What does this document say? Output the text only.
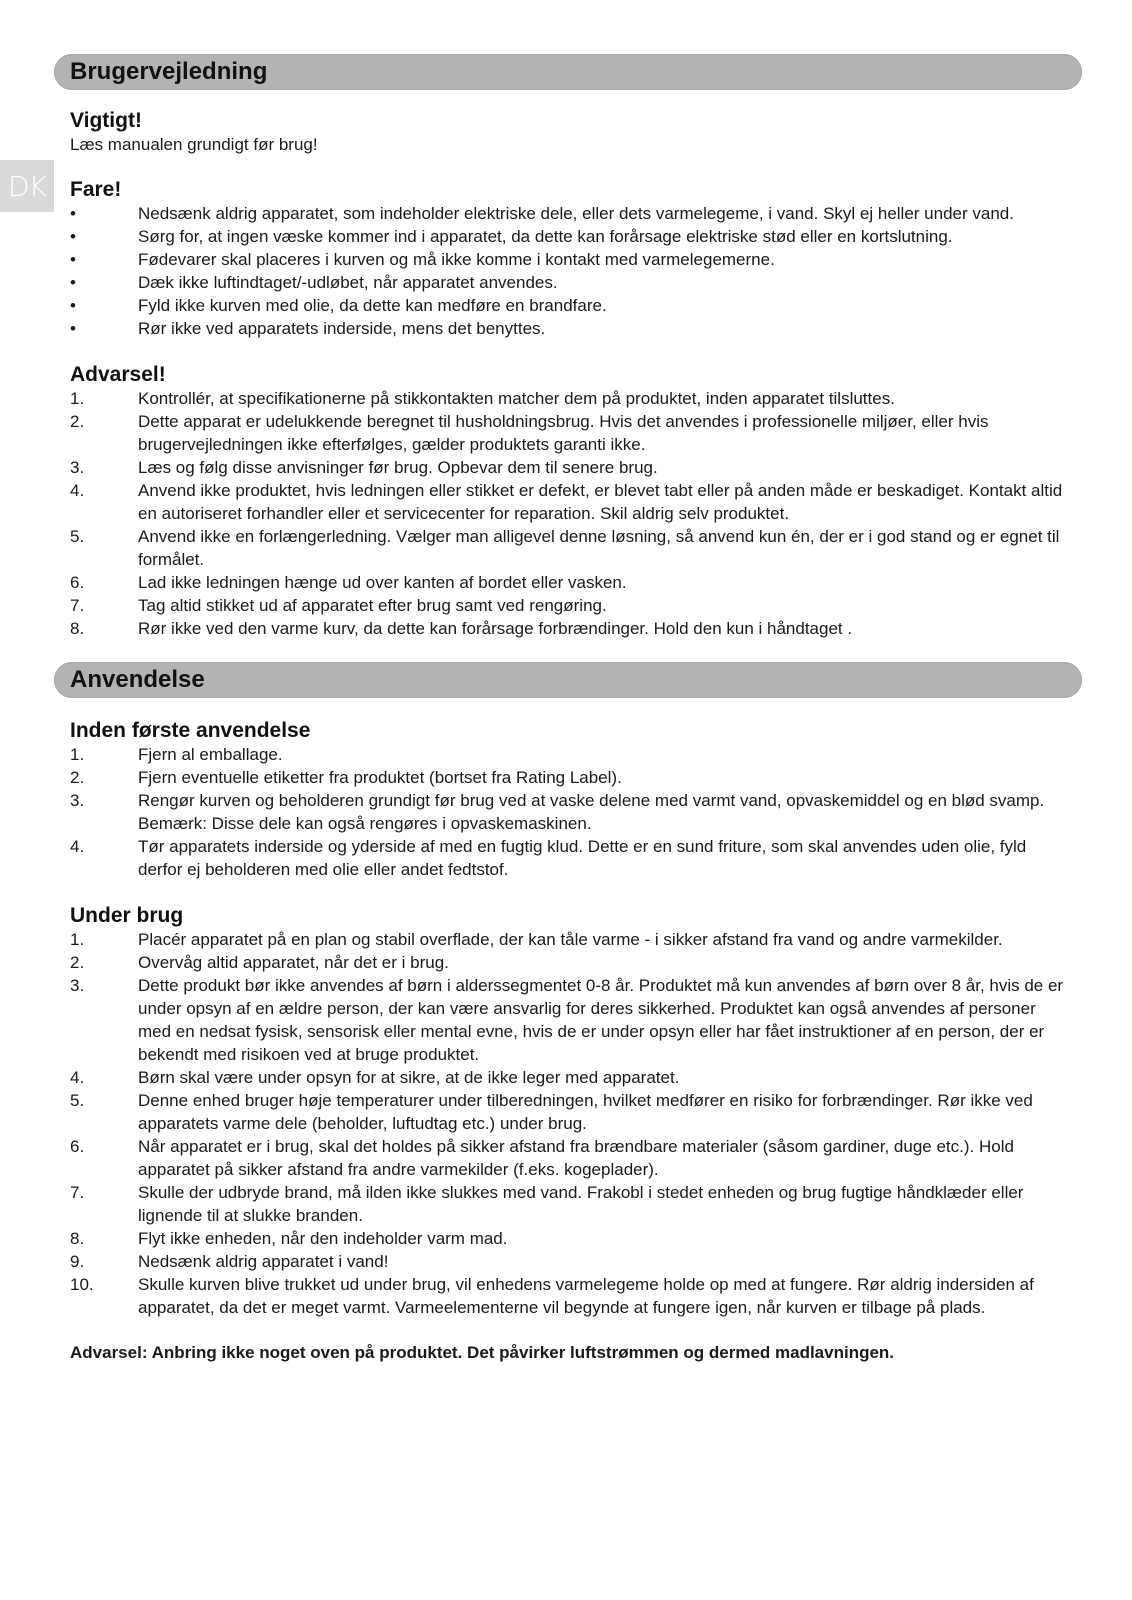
DK
Brugervejledning
Vigtigt!
Læs manualen grundigt før brug!
Fare!
•	Nedsænk aldrig apparatet, som indeholder elektriske dele, eller dets varmelegeme, i vand. Skyl ej heller under vand.
•	Sørg for, at ingen væske kommer ind i apparatet, da dette kan forårsage elektriske stød eller en kortslutning.
•	Fødevarer skal placeres i kurven og må ikke komme i kontakt med varmelegemerne.
•	Dæk ikke luftindtaget/-udløbet, når apparatet anvendes.
•	Fyld ikke kurven med olie, da dette kan medføre en brandfare.
•	Rør ikke ved apparatets inderside, mens det benyttes.
Advarsel!
1.	Kontrollér, at specifikationerne på stikkontakten matcher dem på produktet, inden apparatet tilsluttes.
2.	Dette apparat er udelukkende beregnet til husholdningsbrug. Hvis det anvendes i professionelle miljøer, eller hvis brugervejledningen ikke efterfølges, gælder produktets garanti ikke.
3.	Læs og følg disse anvisninger før brug. Opbevar dem til senere brug.
4.	Anvend ikke produktet, hvis ledningen eller stikket er defekt, er blevet tabt eller på anden måde er beskadiget. Kontakt altid en autoriseret forhandler eller et servicecenter for reparation. Skil aldrig selv produktet.
5.	Anvend ikke en forlængerledning. Vælger man alligevel denne løsning, så anvend kun én, der er i god stand og er egnet til formålet.
6.	Lad ikke ledningen hænge ud over kanten af bordet eller vasken.
7.	Tag altid stikket ud af apparatet efter brug samt ved rengøring.
8.	Rør ikke ved den varme kurv, da dette kan forårsage forbrændinger. Hold den kun i håndtaget .
Anvendelse
Inden første anvendelse
1.	Fjern al emballage.
2.	Fjern eventuelle etiketter fra produktet (bortset fra Rating Label).
3.	Rengør kurven og beholderen grundigt før brug ved at vaske delene med varmt vand, opvaskemiddel og en blød svamp. Bemærk: Disse dele kan også rengøres i opvaskemaskinen.
4.	Tør apparatets inderside og yderside af med en fugtig klud. Dette er en sund friture, som skal anvendes uden olie, fyld derfor ej beholderen med olie eller andet fedtstof.
Under brug
1.	Placér apparatet på en plan og stabil overflade, der kan tåle varme - i sikker afstand fra vand og andre varmekilder.
2.	Overvåg altid apparatet, når det er i brug.
3.	Dette produkt bør ikke anvendes af børn i alderssegmentet 0-8 år. Produktet må kun anvendes af børn over 8 år, hvis de er under opsyn af en ældre person, der kan være ansvarlig for deres sikkerhed. Produktet kan også anvendes af personer med en nedsat fysisk, sensorisk eller mental evne, hvis de er under opsyn eller har fået instruktioner af en person, der er bekendt med risikoen ved at bruge produktet.
4.	Børn skal være under opsyn for at sikre, at de ikke leger med apparatet.
5.	Denne enhed bruger høje temperaturer under tilberedningen, hvilket medfører en risiko for forbrændinger. Rør ikke ved apparatets varme dele (beholder, luftudtag etc.) under brug.
6.	Når apparatet er i brug, skal det holdes på sikker afstand fra brændbare materialer (såsom gardiner, duge etc.). Hold apparatet på sikker afstand fra andre varmekilder (f.eks. kogeplader).
7.	Skulle der udbryde brand, må ilden ikke slukkes med vand. Frakobl i stedet enheden og brug fugtige håndklæder eller lignende til at slukke branden.
8.	Flyt ikke enheden, når den indeholder varm mad.
9.	Nedsænk aldrig apparatet i vand!
10.	Skulle kurven blive trukket ud under brug, vil enhedens varmelegeme holde op med at fungere. Rør aldrig indersiden af apparatet, da det er meget varmt. Varmeelementerne vil begynde at fungere igen, når kurven er tilbage på plads.
Advarsel: Anbring ikke noget oven på produktet. Det påvirker luftstrømmen og dermed madlavningen.
